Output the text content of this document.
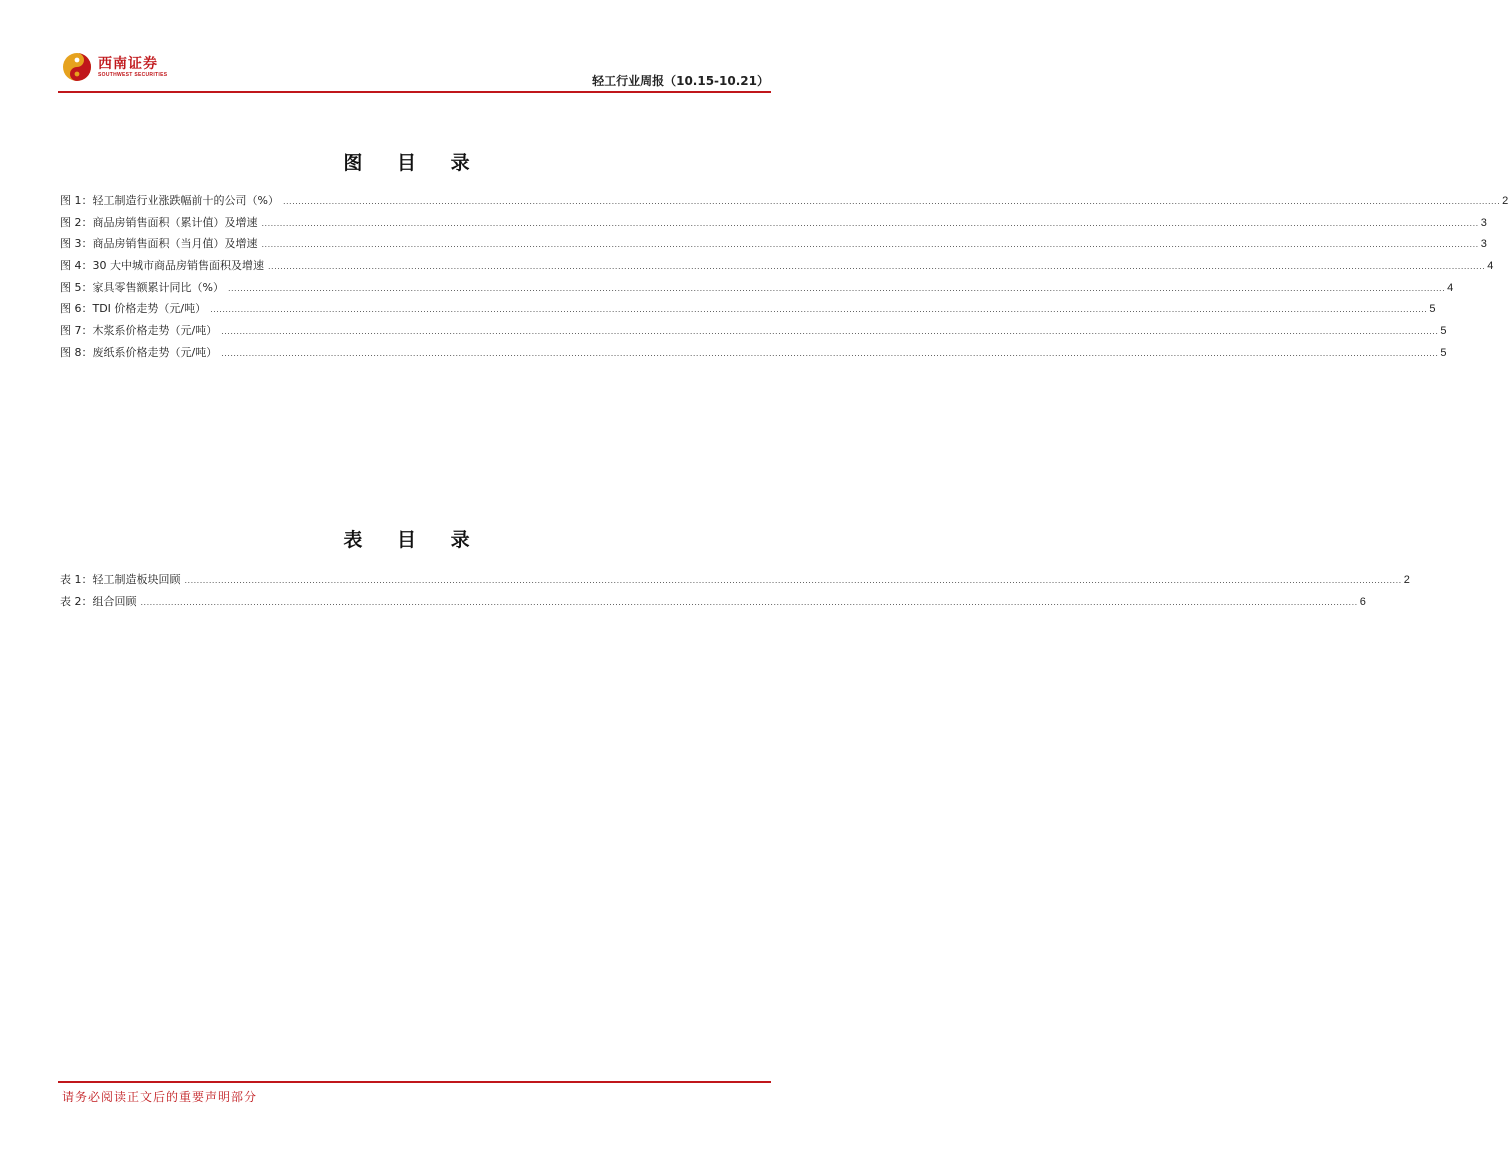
西南证券
SOUTHWEST SECURITIES	轻工行业周报（10.15-10.21）
图 目 录
图 1：轻工制造行业涨跌幅前十的公司（%） ................................................................................................................................................................................................................................................................................................................................................................................................................ 2
图 2：商品房销售面积（累计值）及增速 ................................................................................................................................................................................................................................................................................................................................................................................................................ 3
图 3：商品房销售面积（当月值）及增速 ................................................................................................................................................................................................................................................................................................................................................................................................................ 3
图 4：30 大中城市商品房销售面积及增速 ................................................................................................................................................................................................................................................................................................................................................................................................................ 4
图 5：家具零售额累计同比（%） ................................................................................................................................................................................................................................................................................................................................................................................................................ 4
图 6：TDI 价格走势（元/吨） ................................................................................................................................................................................................................................................................................................................................................................................................................ 5
图 7：木浆系价格走势（元/吨） ................................................................................................................................................................................................................................................................................................................................................................................................................ 5
图 8：废纸系价格走势（元/吨） ................................................................................................................................................................................................................................................................................................................................................................................................................ 5
表 目 录
表 1：轻工制造板块回顾 ................................................................................................................................................................................................................................................................................................................................................................................................................ 2
表 2：组合回顾 ................................................................................................................................................................................................................................................................................................................................................................................................................ 6
请务必阅读正文后的重要声明部分
